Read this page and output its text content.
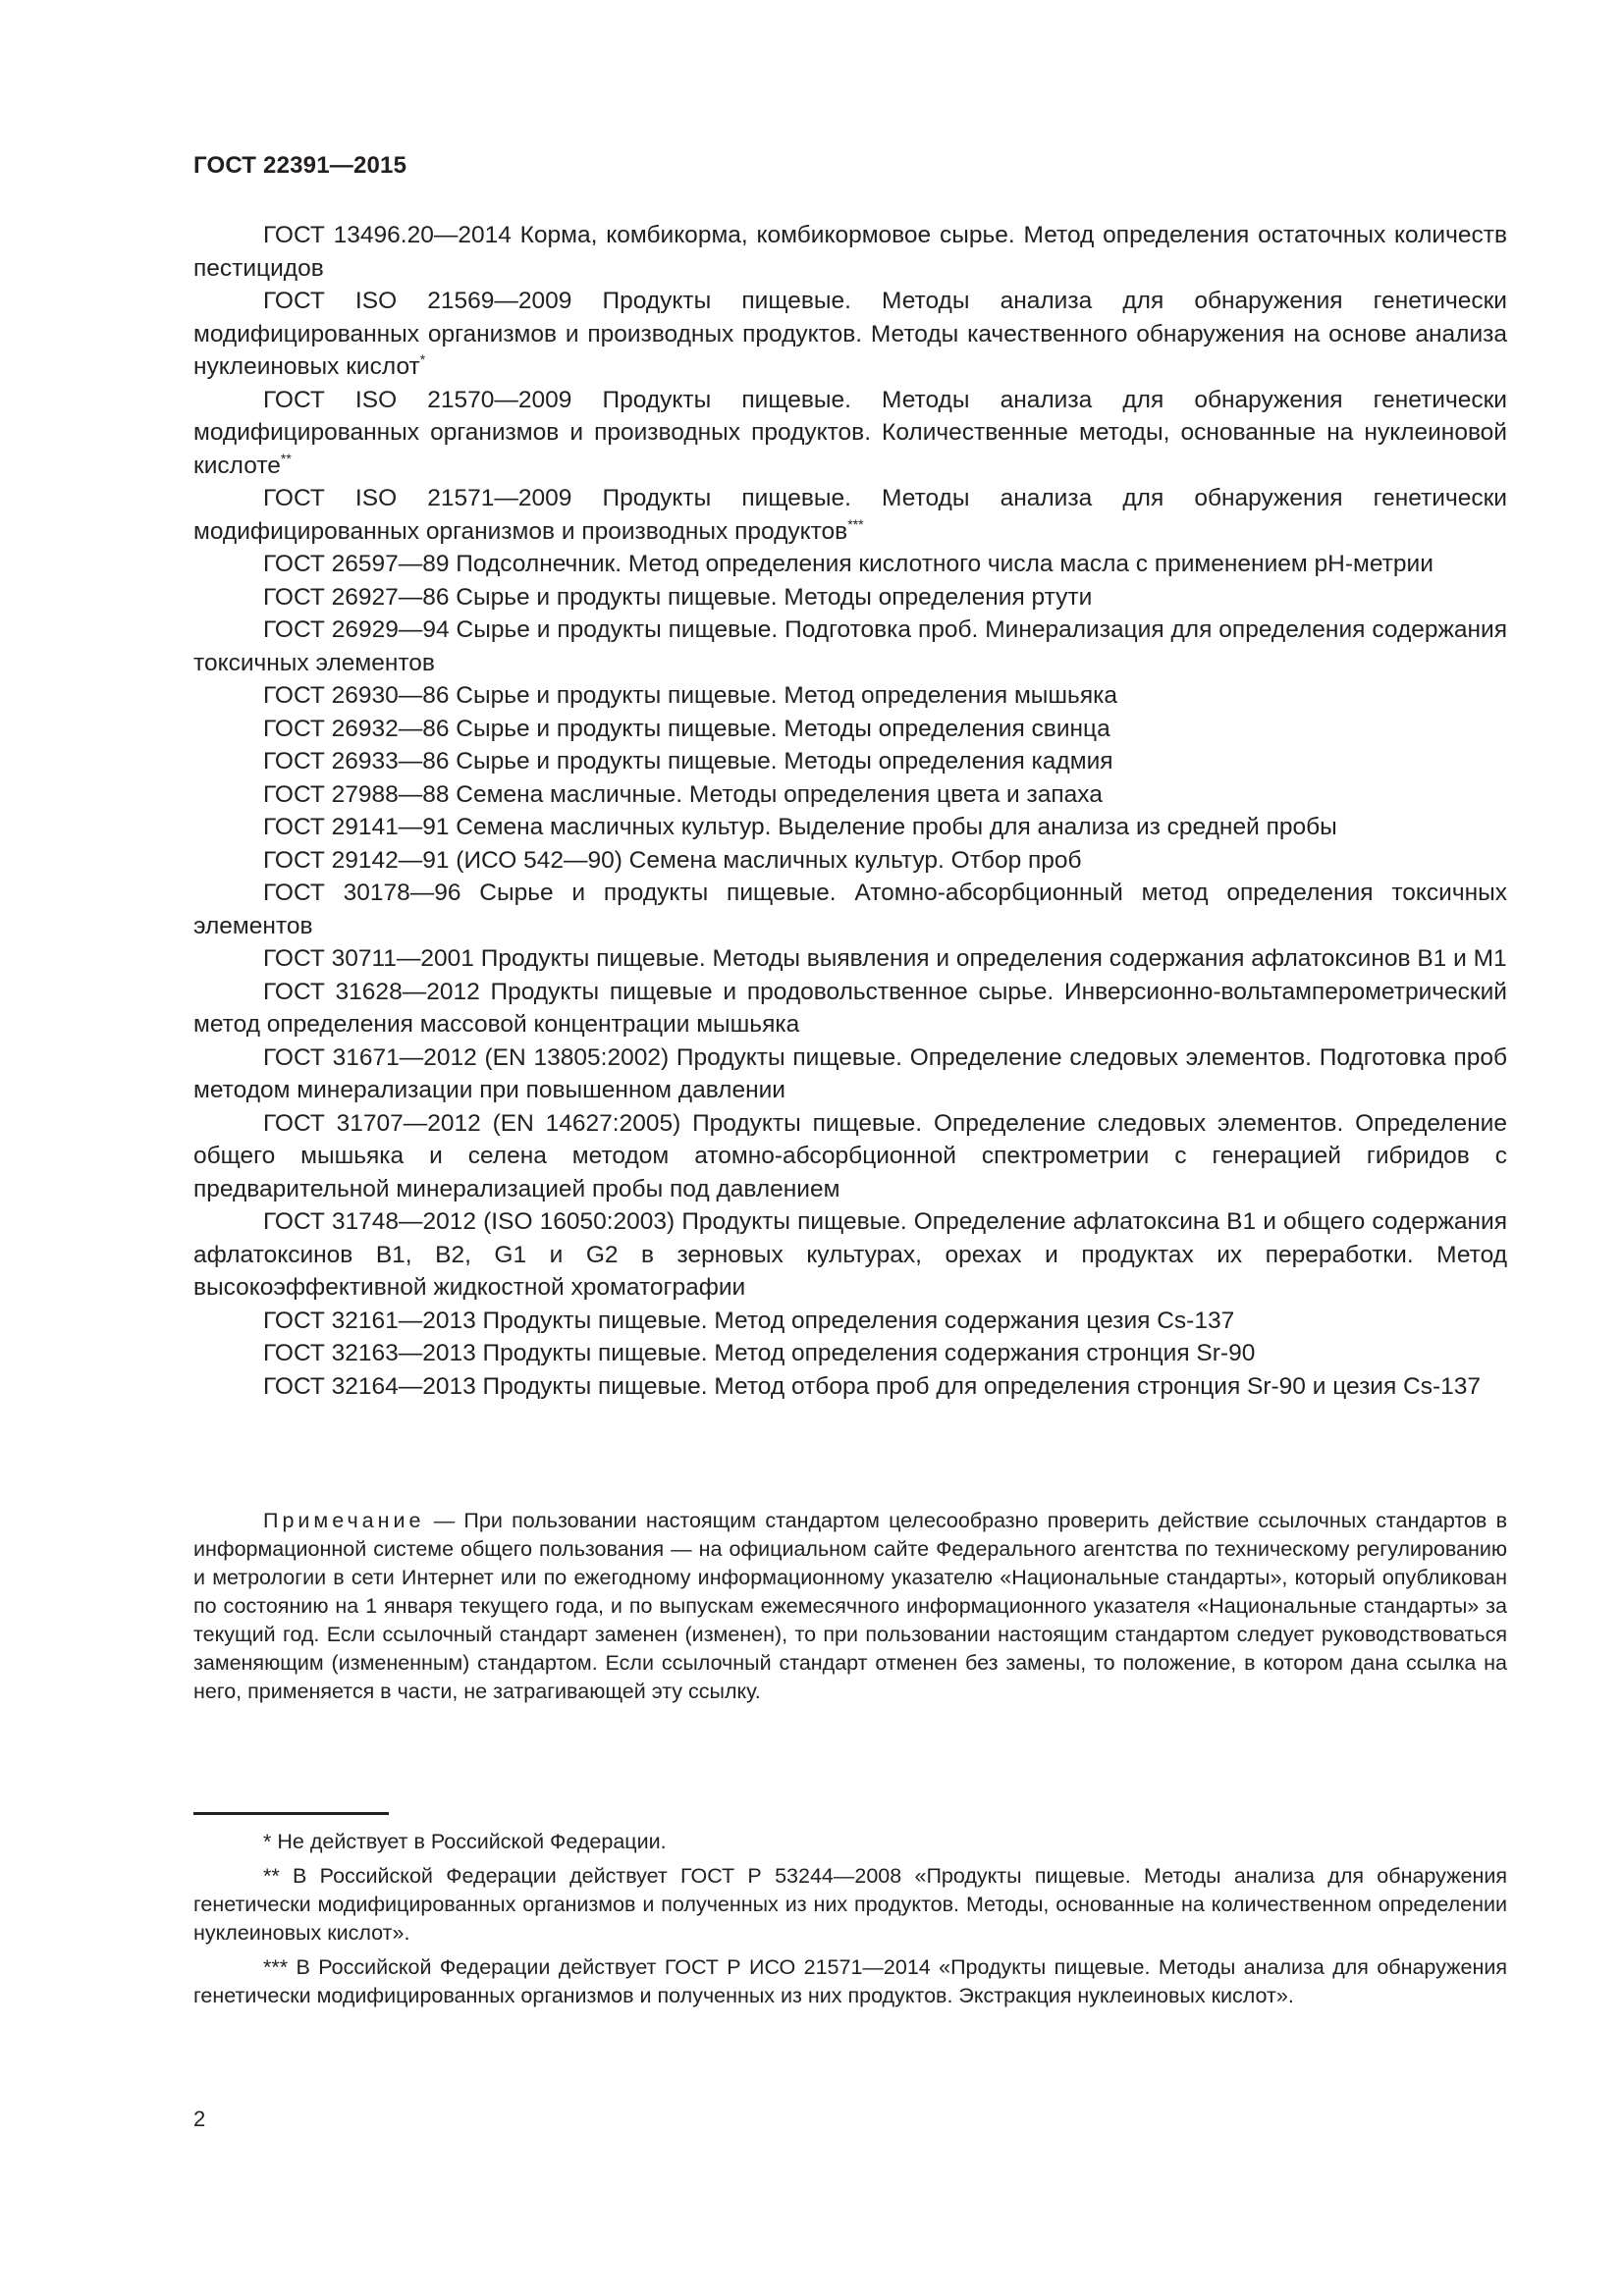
ГОСТ 22391—2015

ГОСТ 13496.20—2014 Корма, комбикорма, комбикормовое сырье. Метод определения остаточных количеств пестицидов

ГОСТ ISO 21569—2009 Продукты пищевые. Методы анализа для обнаружения генетически модифицированных организмов и производных продуктов. Методы качественного обнаружения на основе анализа нуклеиновых кислот*

ГОСТ ISO 21570—2009 Продукты пищевые. Методы анализа для обнаружения генетически модифицированных организмов и производных продуктов. Количественные методы, основанные на нуклеиновой кислоте**

ГОСТ ISO 21571—2009 Продукты пищевые. Методы анализа для обнаружения генетически модифицированных организмов и производных продуктов***

ГОСТ 26597—89 Подсолнечник. Метод определения кислотного числа масла с применением pH-метрии

ГОСТ 26927—86 Сырье и продукты пищевые. Методы определения ртути

ГОСТ 26929—94 Сырье и продукты пищевые. Подготовка проб. Минерализация для определения содержания токсичных элементов

ГОСТ 26930—86 Сырье и продукты пищевые. Метод определения мышьяка

ГОСТ 26932—86 Сырье и продукты пищевые. Методы определения свинца

ГОСТ 26933—86 Сырье и продукты пищевые. Методы определения кадмия

ГОСТ 27988—88 Семена масличные. Методы определения цвета и запаха

ГОСТ 29141—91 Семена масличных культур. Выделение пробы для анализа из средней пробы

ГОСТ 29142—91 (ИСО 542—90) Семена масличных культур. Отбор проб

ГОСТ 30178—96 Сырье и продукты пищевые. Атомно-абсорбционный метод определения токсичных элементов

ГОСТ 30711—2001 Продукты пищевые. Методы выявления и определения содержания афлатоксинов В1 и М1

ГОСТ 31628—2012 Продукты пищевые и продовольственное сырье. Инверсионно-вольтамперометрический метод определения массовой концентрации мышьяка

ГОСТ 31671—2012 (EN 13805:2002) Продукты пищевые. Определение следовых элементов. Подготовка проб методом минерализации при повышенном давлении

ГОСТ 31707—2012 (EN 14627:2005) Продукты пищевые. Определение следовых элементов. Определение общего мышьяка и селена методом атомно-абсорбционной спектрометрии с генерацией гибридов с предварительной минерализацией пробы под давлением

ГОСТ 31748—2012 (ISO 16050:2003) Продукты пищевые. Определение афлатоксина B1 и общего содержания афлатоксинов B1, B2, G1 и G2 в зерновых культурах, орехах и продуктах их переработки. Метод высокоэффективной жидкостной хроматографии

ГОСТ 32161—2013 Продукты пищевые. Метод определения содержания цезия Cs-137

ГОСТ 32163—2013 Продукты пищевые. Метод определения содержания стронция Sr-90

ГОСТ 32164—2013 Продукты пищевые. Метод отбора проб для определения стронция Sr-90 и цезия Cs-137

Примечание — При пользовании настоящим стандартом целесообразно проверить действие ссылочных стандартов в информационной системе общего пользования — на официальном сайте Федерального агентства по техническому регулированию и метрологии в сети Интернет или по ежегодному информационному указателю «Национальные стандарты», который опубликован по состоянию на 1 января текущего года, и по выпускам ежемесячного информационного указателя «Национальные стандарты» за текущий год. Если ссылочный стандарт заменен (изменен), то при пользовании настоящим стандартом следует руководствоваться заменяющим (измененным) стандартом. Если ссылочный стандарт отменен без замены, то положение, в котором дана ссылка на него, применяется в части, не затрагивающей эту ссылку.

* Не действует в Российской Федерации.

** В Российской Федерации действует ГОСТ Р 53244—2008 «Продукты пищевые. Методы анализа для обнаружения генетически модифицированных организмов и полученных из них продуктов. Методы, основанные на количественном определении нуклеиновых кислот».

*** В Российской Федерации действует ГОСТ Р ИСО 21571—2014 «Продукты пищевые. Методы анализа для обнаружения генетически модифицированных организмов и полученных из них продуктов. Экстракция нуклеиновых кислот».

2
